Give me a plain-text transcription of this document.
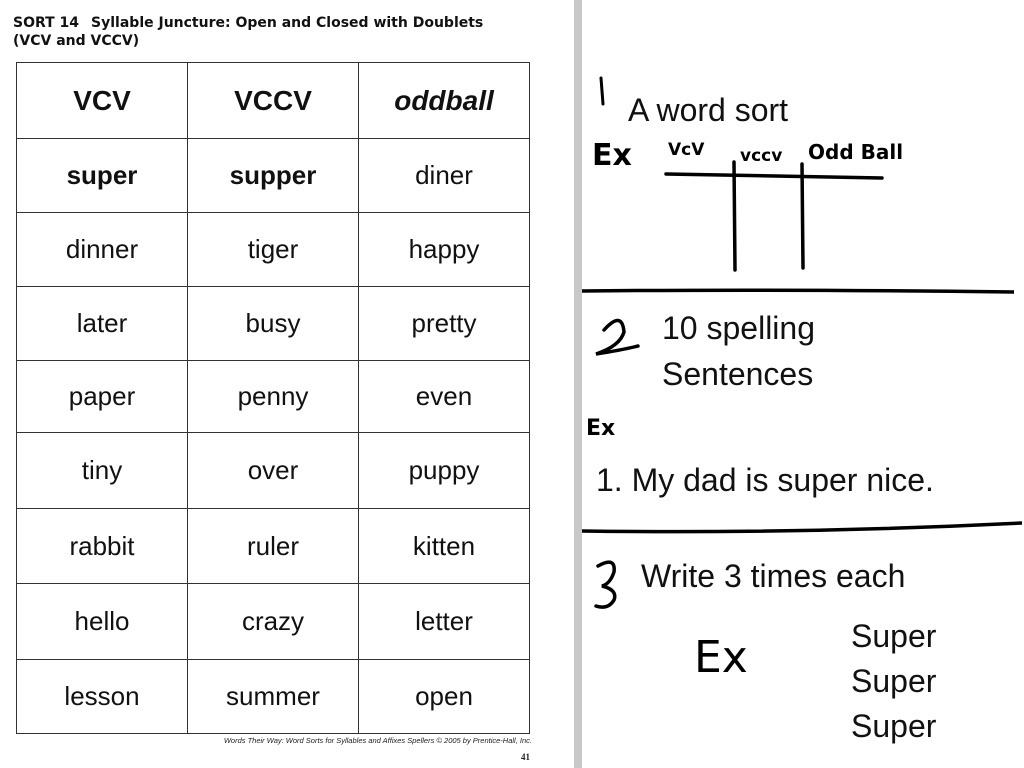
SORT 14 Syllable Juncture: Open and Closed with Doublets
(VCV and VCCV)
VCV	VCCV	oddball
super	supper	diner
dinner	tiger	happy
later	busy	pretty
paper	penny	even
tiny	over	puppy
rabbit	ruler	kitten
hello	crazy	letter
lesson	summer	open
Words Their Way: Word Sorts for Syllables and Affixes Spellers © 2005 by Prentice-Hall, Inc.
41
A word sort
Ex VcV vccv Odd Ball
10 spelling
Sentences
Ex
1. My dad is super nice.
Write 3 times each
Ex	Super
Super
Super
